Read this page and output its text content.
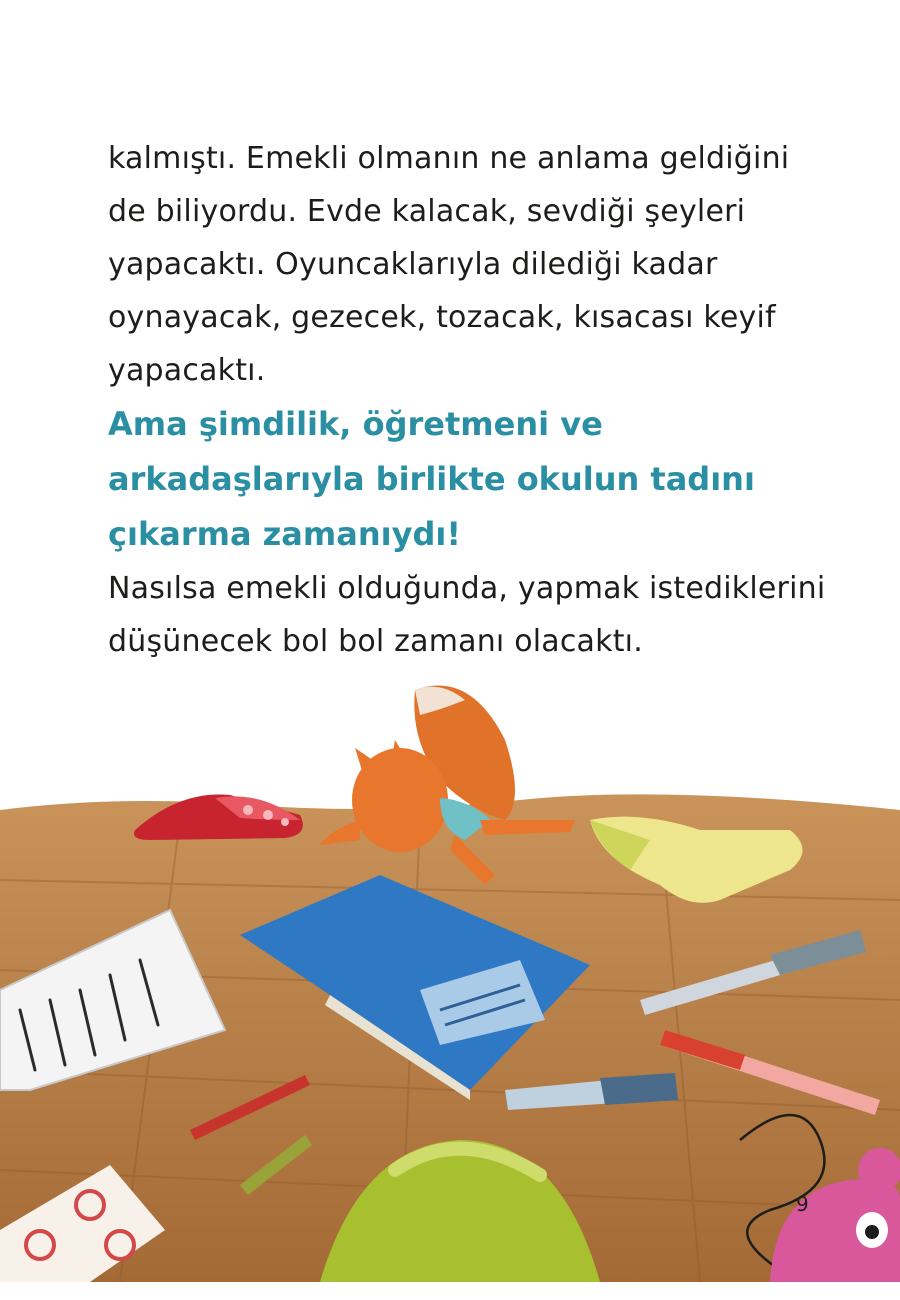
kalmıştı. Emekli olmanın ne anlama geldiğini
de biliyordu. Evde kalacak, sevdiği şeyleri
yapacaktı. Oyuncaklarıyla dilediği kadar
oynayacak, gezecek, tozacak, kısacası keyif
yapacaktı.

Ama şimdilik, öğretmeni ve
arkadaşlarıyla birlikte okulun tadını
çıkarma zamanıydı!

Nasılsa emekli olduğunda, yapmak istediklerini
düşünecek bol bol zamanı olacaktı.

9
